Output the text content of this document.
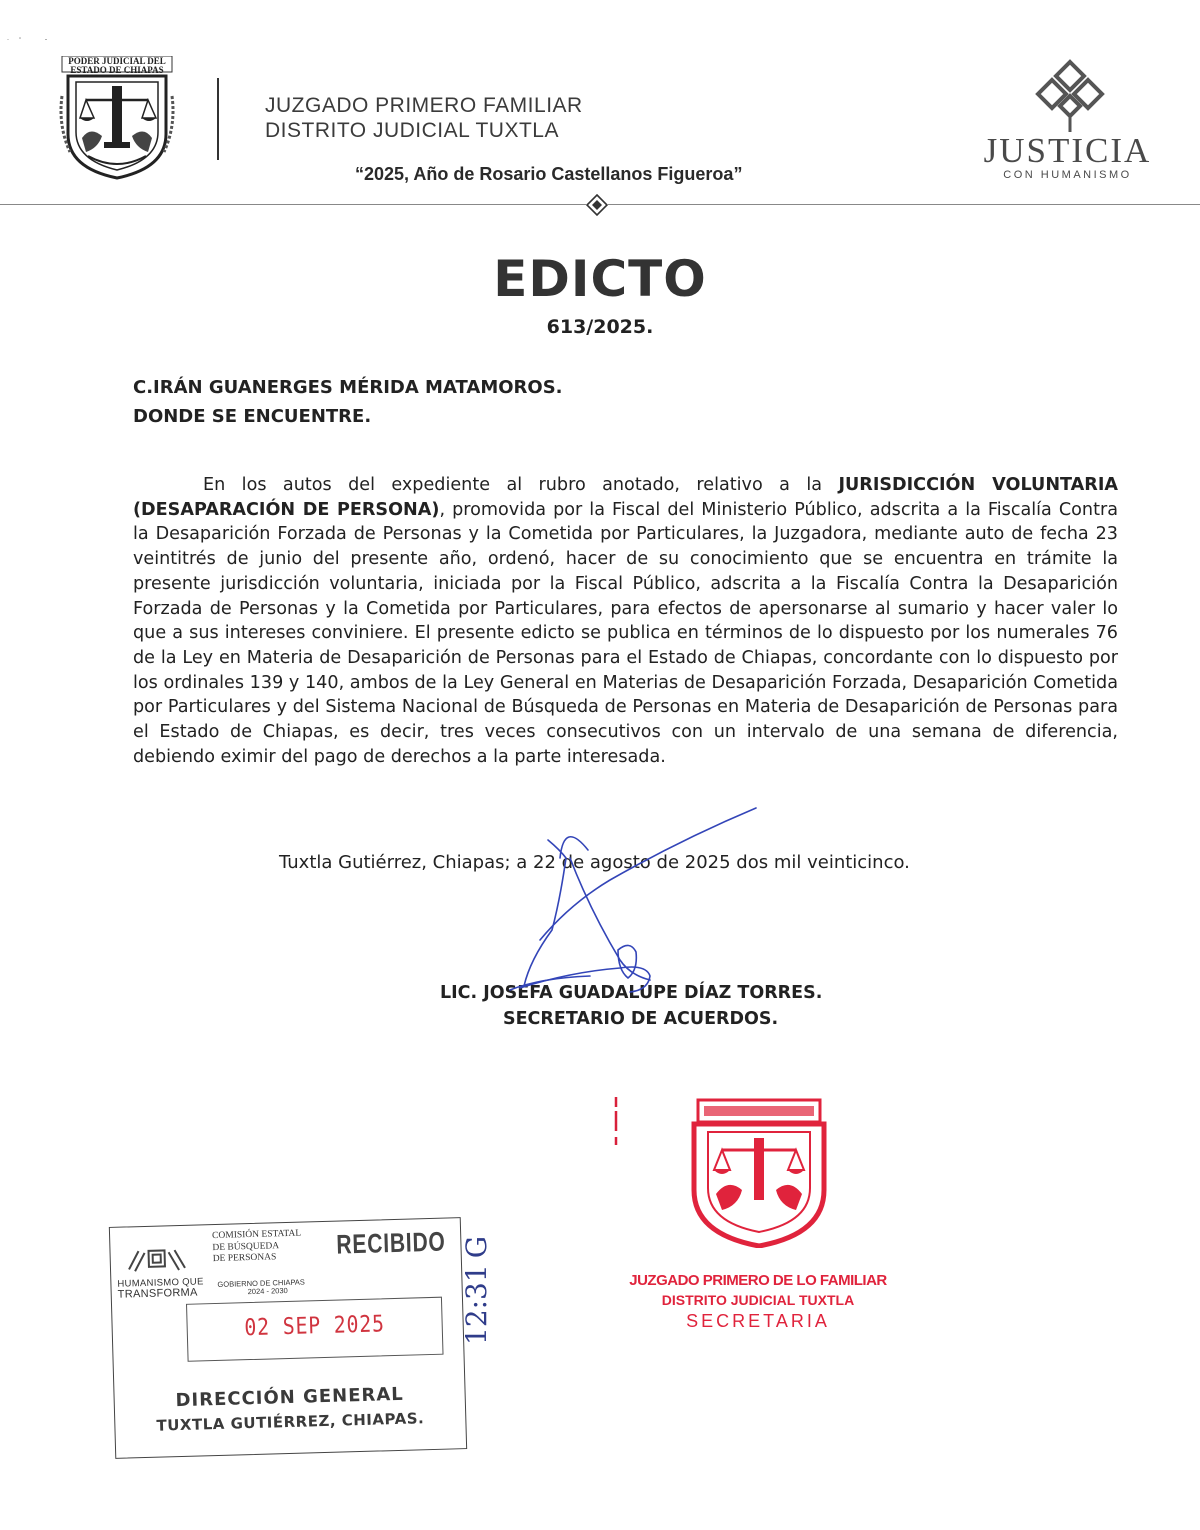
PODER JUDICIAL DEL ESTADO DE CHIAPAS
JUZGADO PRIMERO FAMILIAR
DISTRITO JUDICIAL TUXTLA
“2025, Año de Rosario Castellanos Figueroa”
JUSTICIA
CON HUMANISMO
EDICTO
613/2025.
C.IRÁN GUANERGES MÉRIDA MATAMOROS.
DONDE SE ENCUENTRE.

En los autos del expediente al rubro anotado, relativo a la JURISDICCIÓN VOLUNTARIA (DESAPARACIÓN DE PERSONA), promovida por la Fiscal del Ministerio Público, adscrita a la Fiscalía Contra la Desaparición Forzada de Personas y la Cometida por Particulares, la Juzgadora, mediante auto de fecha 23 veintitrés de junio del presente año, ordenó, hacer de su conocimiento que se encuentra en trámite la presente jurisdicción voluntaria, iniciada por la Fiscal Público, adscrita a la Fiscalía Contra la Desaparición Forzada de Personas y la Cometida por Particulares, para efectos de apersonarse al sumario y hacer valer lo que a sus intereses conviniere. El presente edicto se publica en términos de lo dispuesto por los numerales 76 de la Ley en Materia de Desaparición de Personas para el Estado de Chiapas, concordante con lo dispuesto por los ordinales 139 y 140, ambos de la Ley General en Materias de Desaparición Forzada, Desaparición Cometida por Particulares y del Sistema Nacional de Búsqueda de Personas en Materia de Desaparición de Personas para el Estado de Chiapas, es decir, tres veces consecutivos con un intervalo de una semana de diferencia, debiendo eximir del pago de derechos a la parte interesada.

Tuxtla Gutiérrez, Chiapas; a 22 de agosto de 2025 dos mil veinticinco.
LIC. JOSEFA GUADALUPE DÍAZ TORRES.
SECRETARIO DE ACUERDOS.
JUZGADO PRIMERO DE LO FAMILIAR
DISTRITO JUDICIAL TUXTLA
SECRETARIA
HUMANISMO QUE
TRANSFORMA
COMISIÓN ESTATAL
DE BÚSQUEDA
DE PERSONAS
GOBIERNO DE CHIAPAS
2024 - 2030
RECIBIDO
02 SEP 2025
DIRECCIÓN GENERAL
TUXTLA GUTIÉRREZ, CHIAPAS.
12:31G
